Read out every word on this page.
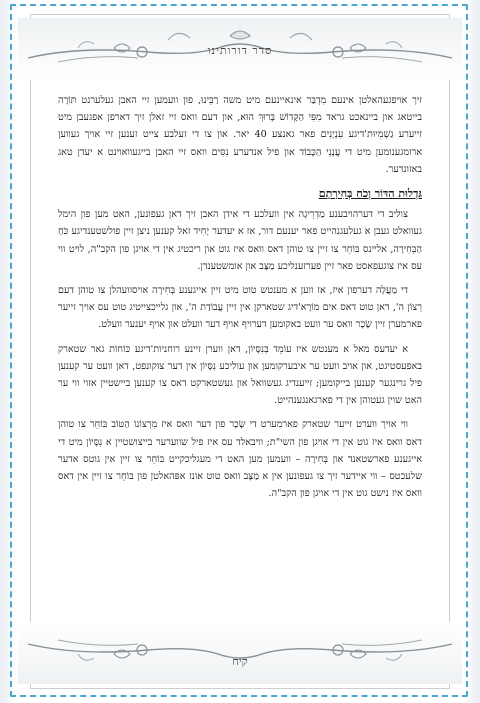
סדר דורותינו

זיך אויפגעהאלטן אינעם מִדְבַּר אינאיינעם מיט משה רַבֵּינוּ, פון וועמען זיי האבן געלערנט תּוֹרָה בייטאג און ביינאכט גראד מִפִּי הַקָּדוֹשׁ בָּרוּךְ הוּא, און דעם וואס זיי זאלן זיך דארפן אפגעבן מיט זייערע גַשְׁמִיוּת'דיגע עִנְיָנִים פאר גאנצע 40 יאר. און צו די זעלבע צייט זענען זיי אויך געווען ארומגענומען מיט די עֲנָנֵי הַכָּבוֹד און פיל אנדערע נִסִּים וואס זיי האבן בייגעוואוינט א יעדן טאג באזונדער.

גַּדְלוּת הַדּוֹר וְכֹחַ בְּחִירָתָם

צוליב די דערהויבענע מַדְרֵיגָה אין וועלכע די אידן האבן זיך דאן געפונען, האט מען פון הימל געוואלט געבן א געלעגנהייט פאר יענעם דור, אז א יעדער יָחִיד זאל קענען ניצן זיין פולשטענדיגע כֹּחַ הַבְּחִירָה, אליינס בּוֹחֵר צו זיין צו טוהן דאס וואס איז גוט און ריכטיג אין די אויגן פון הקב"ה, לויט ווי עס איז צוגעפאסט פאר זיין פערזענליכע מַצָּב און אומשטענדן.

די מַעֲלָה דערפון איז, אז ווען א מענטש טוט מיט זיין אייגענע בְּחִירָה אויסוועהלן צו טוהן דעם רְצוֹן ה', דאן טוט דאס אים מוֹרָא'דיג שטארקן אין זיין עֲבוֹדַת ה', און גלייכצייטיג טוט עס אויך זייער פארמערן זיין שָׂכָר וואס ער וועט באקומען דערויף אויף דער וועלט און אויף יענער וועלט.

א יעדעס מאל א מענטש איז עוֹמֵד בְּנִסָּיוֹן, דאן ווערן זיינע רוחניות'דיגע כּוֹחוֹת גאר שטארק באפעסטיגט, און אויב וועט ער איבערקומען און עוליכע נִסָּיוֹן אין דער צוקונפט, דאן וועט ער קענען פיל גרינגער קענען בייקומען; זייענדיג געשוואל און געשטארקט דאס צו קענען ביישטיין אזוי ווי ער האט שוין געטוהן אין די פארגאנגענהייט.

ווי אויך ווערט זייער שטארק פארמערט די שָׂכָר פון דער וואס איז מִרְצוֹנוֹ הַטּוֹב בּוֹחֵר צו טוהן דאס וואס איז גוט אין די אויגן פון השי"ת; וויבאלד עס איז פיל שווערער בייצושטיין א נִסָּיוֹן מיט די אייגענע פארשטאנד און בְּחִירָה – וועמען מען האט די מעגליכקייט בּוֹחֵר צו זיין אין גוטס אדער שלעכטס – ווי איידער זיך צו געפונען אין א מַצָּב וואס טוט אונז אפּהאלטן פון בּוֹחֵר צו זיין אין דאס וואס איז נישט גוט אין די אויגן פון הקב"ה.

קיח
